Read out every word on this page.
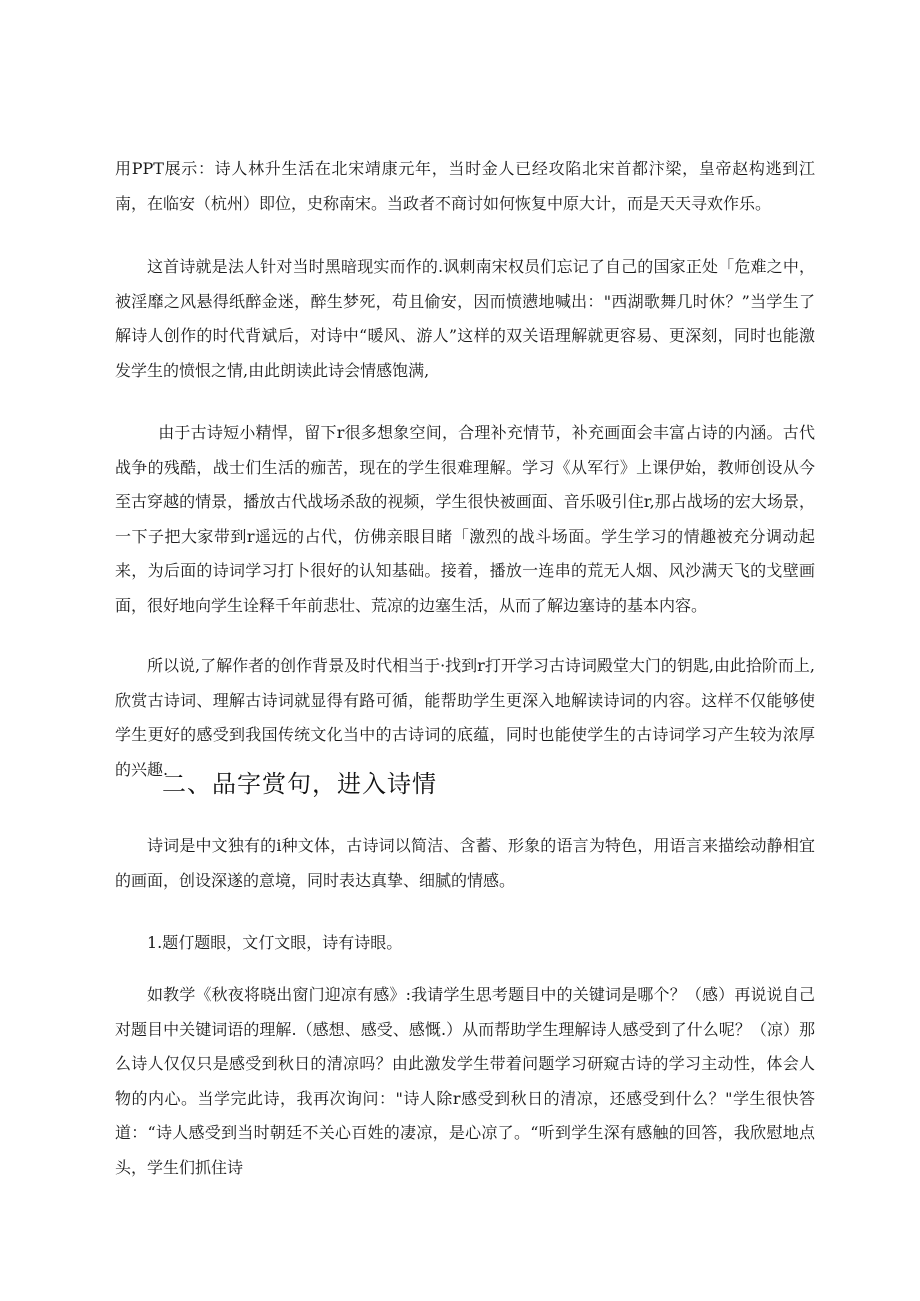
用PPT展示：诗人林升生活在北宋靖康元年，当时金人已经攻陷北宋首都汴梁，皇帝赵构逃到江南，在临安（杭州）即位，史称南宋。当政者不商讨如何恢复中原大计，而是天天寻欢作乐。
这首诗就是法人针对当时黑暗现实而作的.讽刺南宋权员们忘记了自己的国家正处「危难之中，被淫靡之风悬得纸醉金迷，醉生梦死，苟且偷安，因而愤懑地喊出："西湖歌舞几时休？”当学生了解诗人创作的时代背斌后，对诗中“暖风、游人”这样的双关语理解就更容易、更深刻，同时也能激发学生的愤恨之情,由此朗读此诗会情感饱满,
由于古诗短小精悍，留下r很多想象空间，合理补充情节，补充画面会丰富占诗的内涵。古代战争的残酷，战士们生活的痂苦，现在的学生很难理解。学习《从军行》上课伊始，教师创设从今至古穿越的情景，播放古代战场杀敌的视频，学生很快被画面、音乐吸引住r,那占战场的宏大场景，一下子把大家带到r遥远的占代，仿佛亲眼目睹「激烈的战斗场面。学生学习的情趣被充分调动起来，为后面的诗词学习打卜很好的认知基础。接着，播放一连串的荒无人烟、风沙满天飞的戈壁画面，很好地向学生诠释千年前悲壮、荒凉的边塞生活，从而了解边塞诗的基本内容。
所以说,了解作者的创作背景及时代相当于·找到r打开学习古诗词殿堂大门的钥匙,由此拾阶而上,欣赏古诗词、理解古诗词就显得有路可循，能帮助学生更深入地解读诗词的内容。这样不仅能够使学生更好的感受到我国传统文化当中的古诗词的底蕴，同时也能使学生的古诗词学习产生较为浓厚的兴趣.
二、品字赏句，进入诗情
诗词是中文独有的i种文体，古诗词以简洁、含蓄、形象的语言为特色，用语言来描绘动静相宜的画面，创设深遂的意境，同时表达真挚、细腻的情感。
1.题仃题眼，文仃文眼，诗有诗眼。
如教学《秋夜将晓出窗门迎凉有感》:我请学生思考题目中的关键词是哪个？（感）再说说自己对题目中关键词语的理解.（感想、感受、感慨.）从而帮助学生理解诗人感受到了什么呢？（凉）那么诗人仅仅只是感受到秋日的清凉吗？由此激发学生带着问题学习研窥古诗的学习主动性，体会人物的内心。当学完此诗，我再次询问："诗人除r感受到秋日的清凉，还感受到什么？"学生很快答道：“诗人感受到当时朝廷不关心百姓的凄凉，是心凉了。“听到学生深有感触的回答，我欣慰地点头，学生们抓住诗
